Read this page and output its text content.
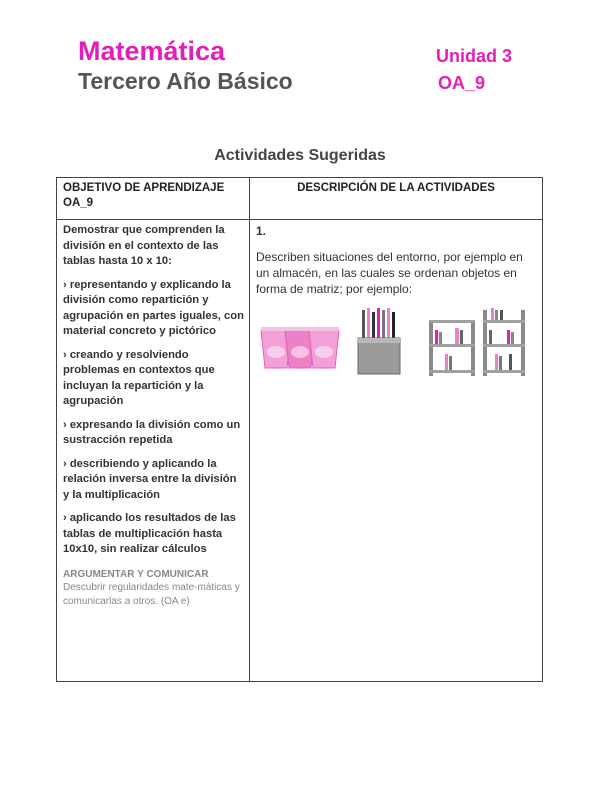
Matemática
Tercero Año Básico
Unidad 3
OA_9
Actividades Sugeridas
OBJETIVO DE APRENDIZAJE OA_9
DESCRIPCIÓN DE LA ACTIVIDADES

Demostrar que comprenden la división en el contexto de las tablas hasta 10 x 10:

› representando y explicando la división como repartición y agrupación en partes iguales, con material concreto y pictórico

› creando y resolviendo problemas en contextos que incluyan la repartición y la agrupación

› expresando la división como un sustracción repetida

› describiendo y aplicando la relación inversa entre la división y la multiplicación

› aplicando los resultados de las tablas de multiplicación hasta 10x10, sin realizar cálculos

ARGUMENTAR Y COMUNICAR
Descubrir regularidades mate-máticas y comunicarlas a otros. (OA e)
1.

Describen situaciones del entorno, por ejemplo en un almacén, en las cuales se ordenan objetos en forma de matriz; por ejemplo:
